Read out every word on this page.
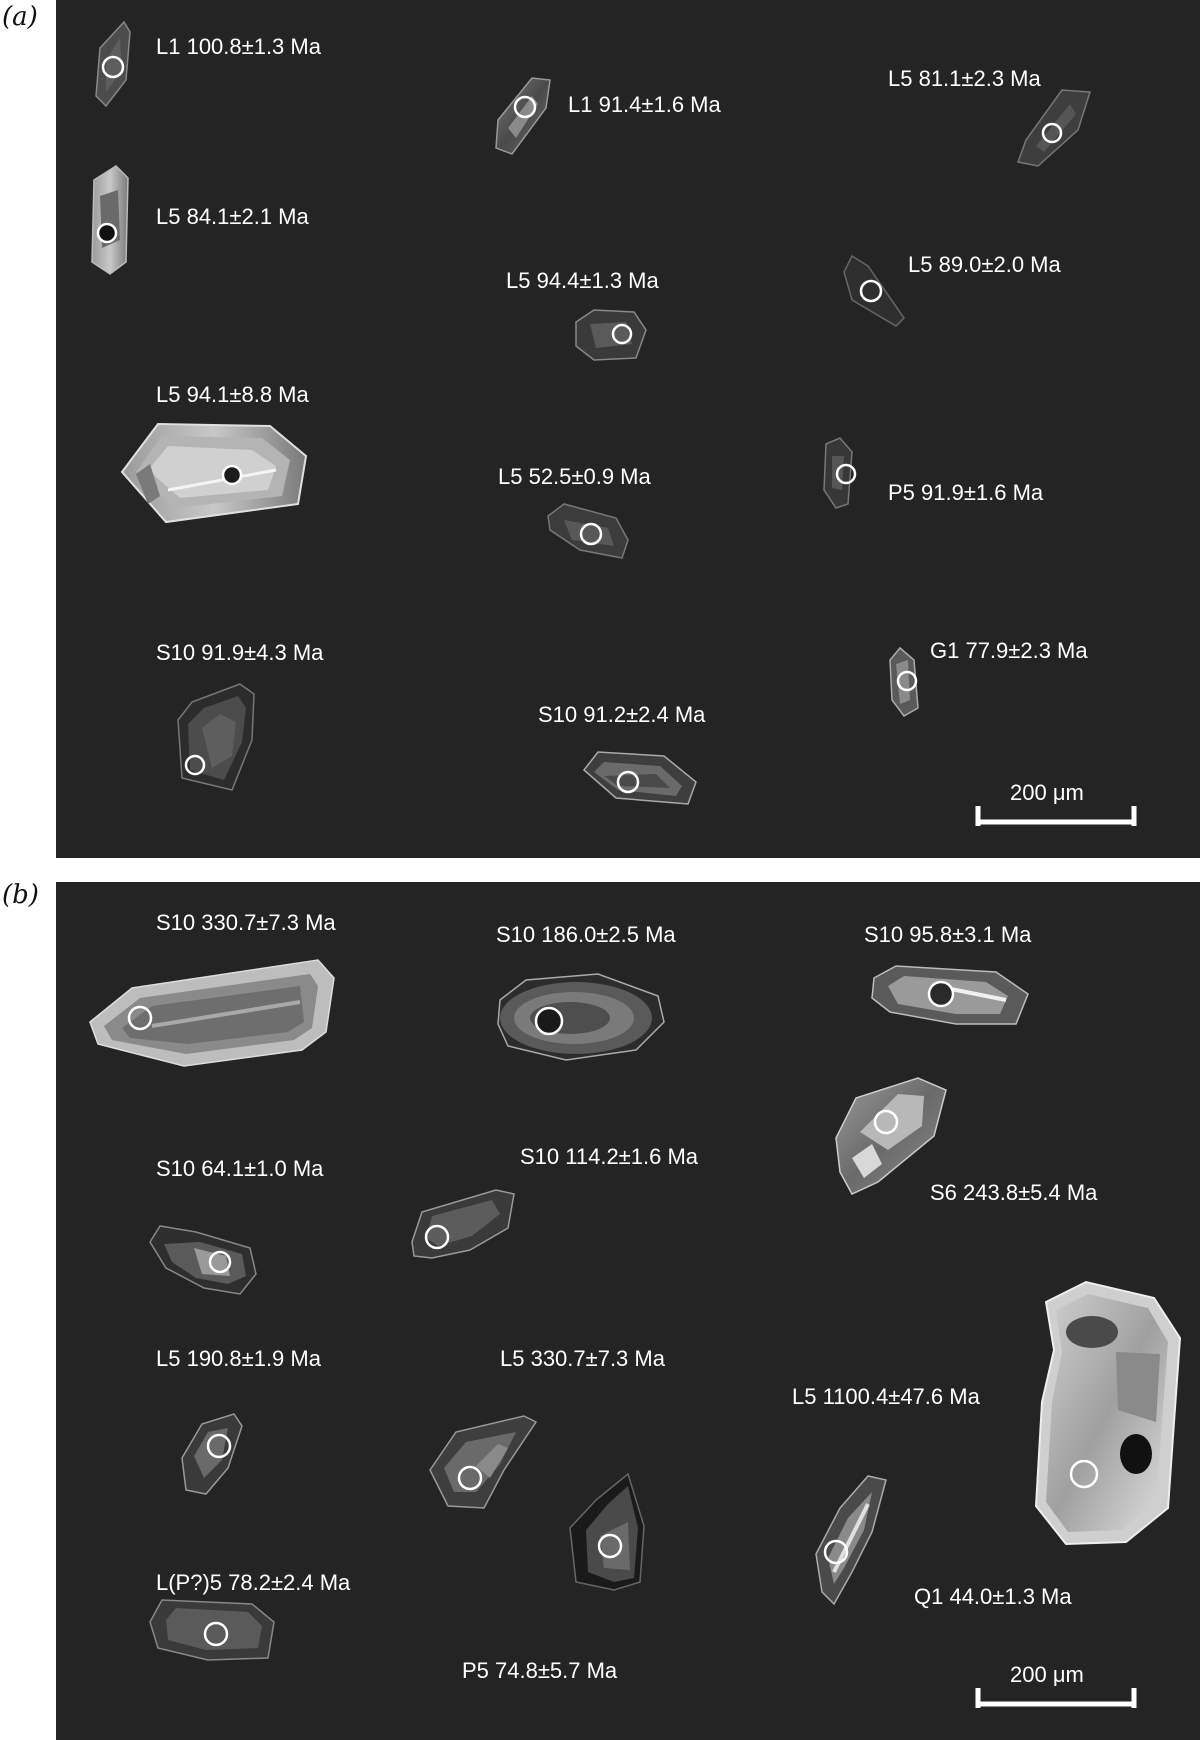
(a)
(b)
L1 100.8±1.3 Ma
L1 91.4±1.6 Ma
L5 81.1±2.3 Ma
L5 84.1±2.1 Ma
L5 94.4±1.3 Ma
L5 89.0±2.0 Ma
L5 94.1±8.8 Ma
L5 52.5±0.9 Ma
P5 91.9±1.6 Ma
S10 91.9±4.3 Ma	G1 77.9±2.3 Ma
S10 91.2±2.4 Ma
200 μm
S10 330.7±7.3 Ma	S10 186.0±2.5 Ma	S10 95.8±3.1 Ma
S10 64.1±1.0 Ma	S10 114.2±1.6 Ma
S6 243.8±5.4 Ma
L5 190.8±1.9 Ma	L5 330.7±7.3 Ma
L5 1100.4±47.6 Ma
L(P?)5 78.2±2.4 Ma
Q1 44.0±1.3 Ma
P5 74.8±5.7 Ma	200 μm
